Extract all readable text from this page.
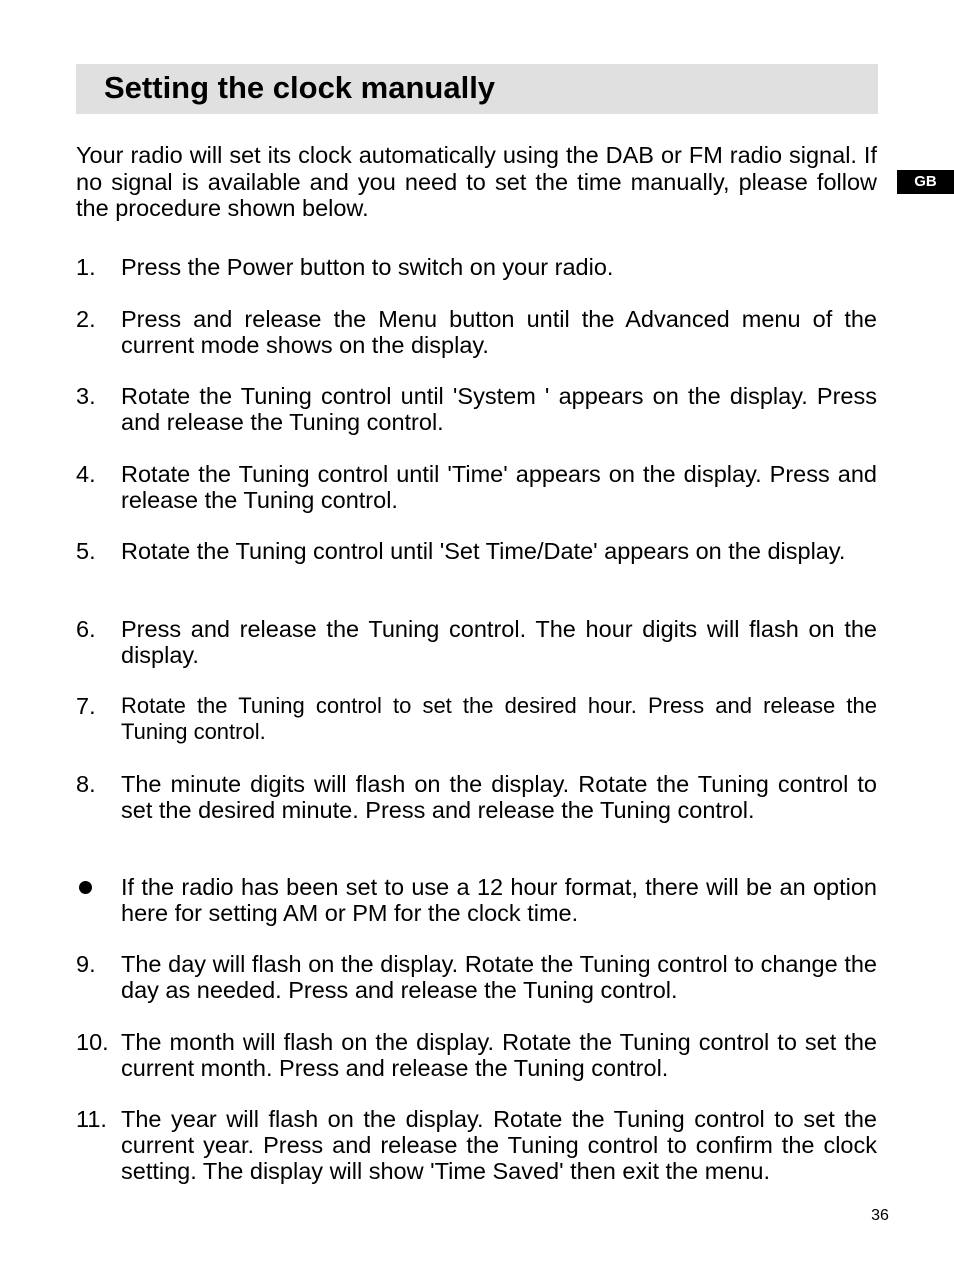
Setting the clock manually
GB

Your radio will set its clock automatically using the DAB or FM radio signal. If no signal is available and you need to set the time manually, please follow the procedure shown below.

1.	Press the Power button to switch on your radio.
2.	Press and release the Menu button until the Advanced menu of the current mode shows on the display.
3.	Rotate the Tuning control until 'System ' appears on the display. Press and release the Tuning control.
4.	Rotate the Tuning control until 'Time' appears on the display. Press and release the Tuning control.
5.	Rotate the Tuning control until 'Set Time/Date' appears on the display.
6.	Press and release the Tuning control. The hour digits will flash on the display.
7.	Rotate the Tuning control to set the desired hour. Press and release the Tuning control.
8.	The minute digits will flash on the display. Rotate the Tuning control to set the desired minute. Press and release the Tuning control.
If the radio has been set to use a 12 hour format, there will be an option here for setting AM or PM for the clock time.
9.	The day will flash on the display. Rotate the Tuning control to change the day as needed. Press and release the Tuning control.
10. The month will flash on the display. Rotate the Tuning control to set the current month. Press and release the Tuning control.
11. The year will flash on the display. Rotate the Tuning control to set the current year. Press and release the Tuning control to confirm the clock setting. The display will show 'Time Saved' then exit the menu.
36
